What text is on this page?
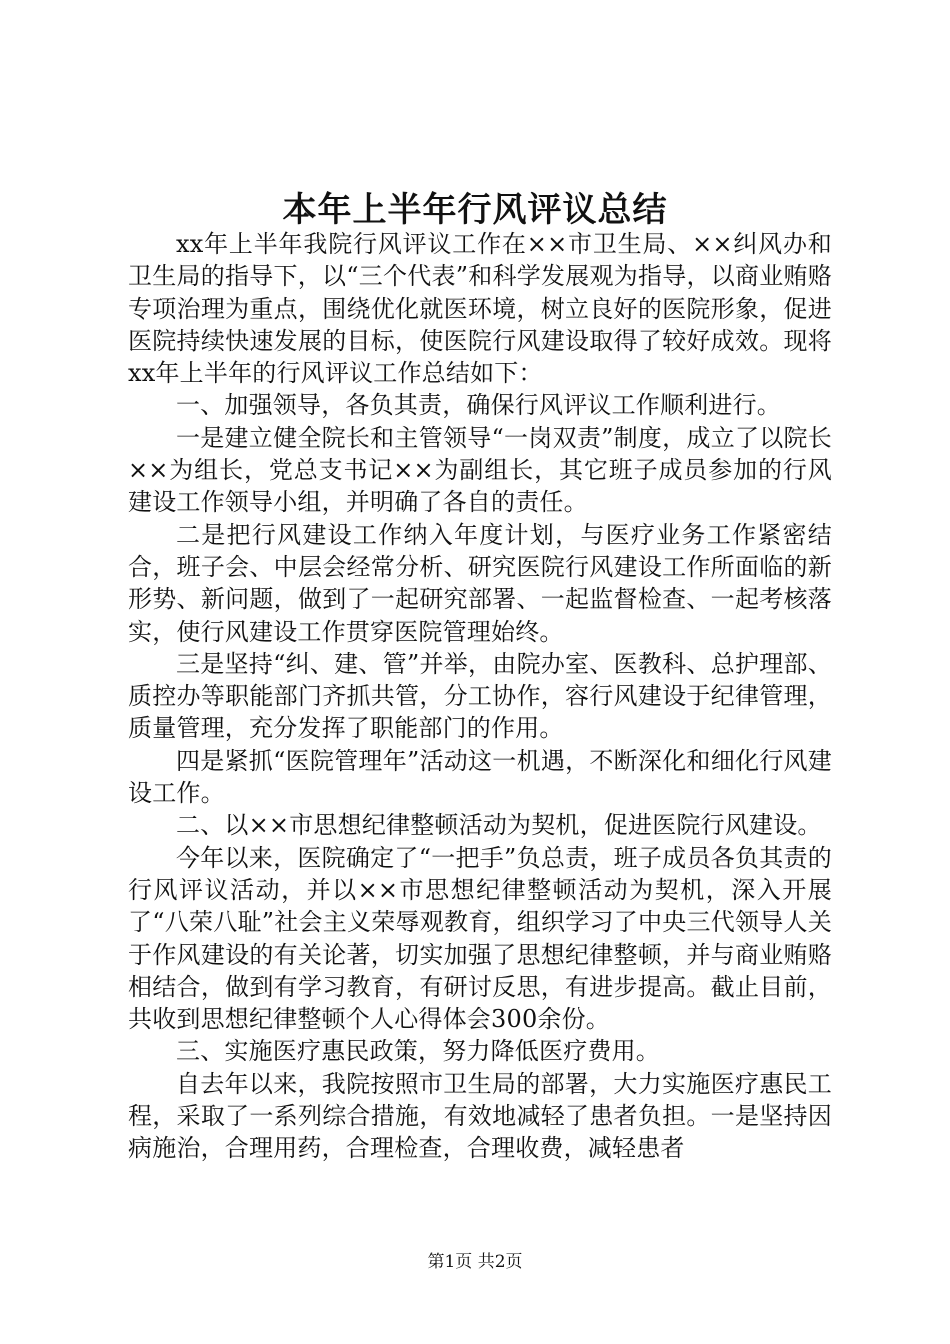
本年上半年行风评议总结

xx年上半年我院行风评议工作在××市卫生局、××纠风办和卫生局的指导下，以“三个代表”和科学发展观为指导，以商业贿赂专项治理为重点，围绕优化就医环境，树立良好的医院形象，促进医院持续快速发展的目标，使医院行风建设取得了较好成效。现将xx年上半年的行风评议工作总结如下：

一、加强领导，各负其责，确保行风评议工作顺利进行。

一是建立健全院长和主管领导“一岗双责”制度，成立了以院长××为组长，党总支书记××为副组长，其它班子成员参加的行风建设工作领导小组，并明确了各自的责任。

二是把行风建设工作纳入年度计划，与医疗业务工作紧密结合，班子会、中层会经常分析、研究医院行风建设工作所面临的新形势、新问题，做到了一起研究部署、一起监督检查、一起考核落实，使行风建设工作贯穿医院管理始终。

三是坚持“纠、建、管”并举，由院办室、医教科、总护理部、质控办等职能部门齐抓共管，分工协作，容行风建设于纪律管理，质量管理，充分发挥了职能部门的作用。

四是紧抓“医院管理年”活动这一机遇，不断深化和细化行风建设工作。

二、以××市思想纪律整顿活动为契机，促进医院行风建设。

今年以来，医院确定了“一把手”负总责，班子成员各负其责的行风评议活动，并以××市思想纪律整顿活动为契机，深入开展了“八荣八耻”社会主义荣辱观教育，组织学习了中央三代领导人关于作风建设的有关论著，切实加强了思想纪律整顿，并与商业贿赂相结合，做到有学习教育，有研讨反思，有进步提高。截止目前，共收到思想纪律整顿个人心得体会300余份。

三、实施医疗惠民政策，努力降低医疗费用。

自去年以来，我院按照市卫生局的部署，大力实施医疗惠民工程，采取了一系列综合措施，有效地减轻了患者负担。一是坚持因病施治，合理用药，合理检查，合理收费，减轻患者

第1页 共2页
